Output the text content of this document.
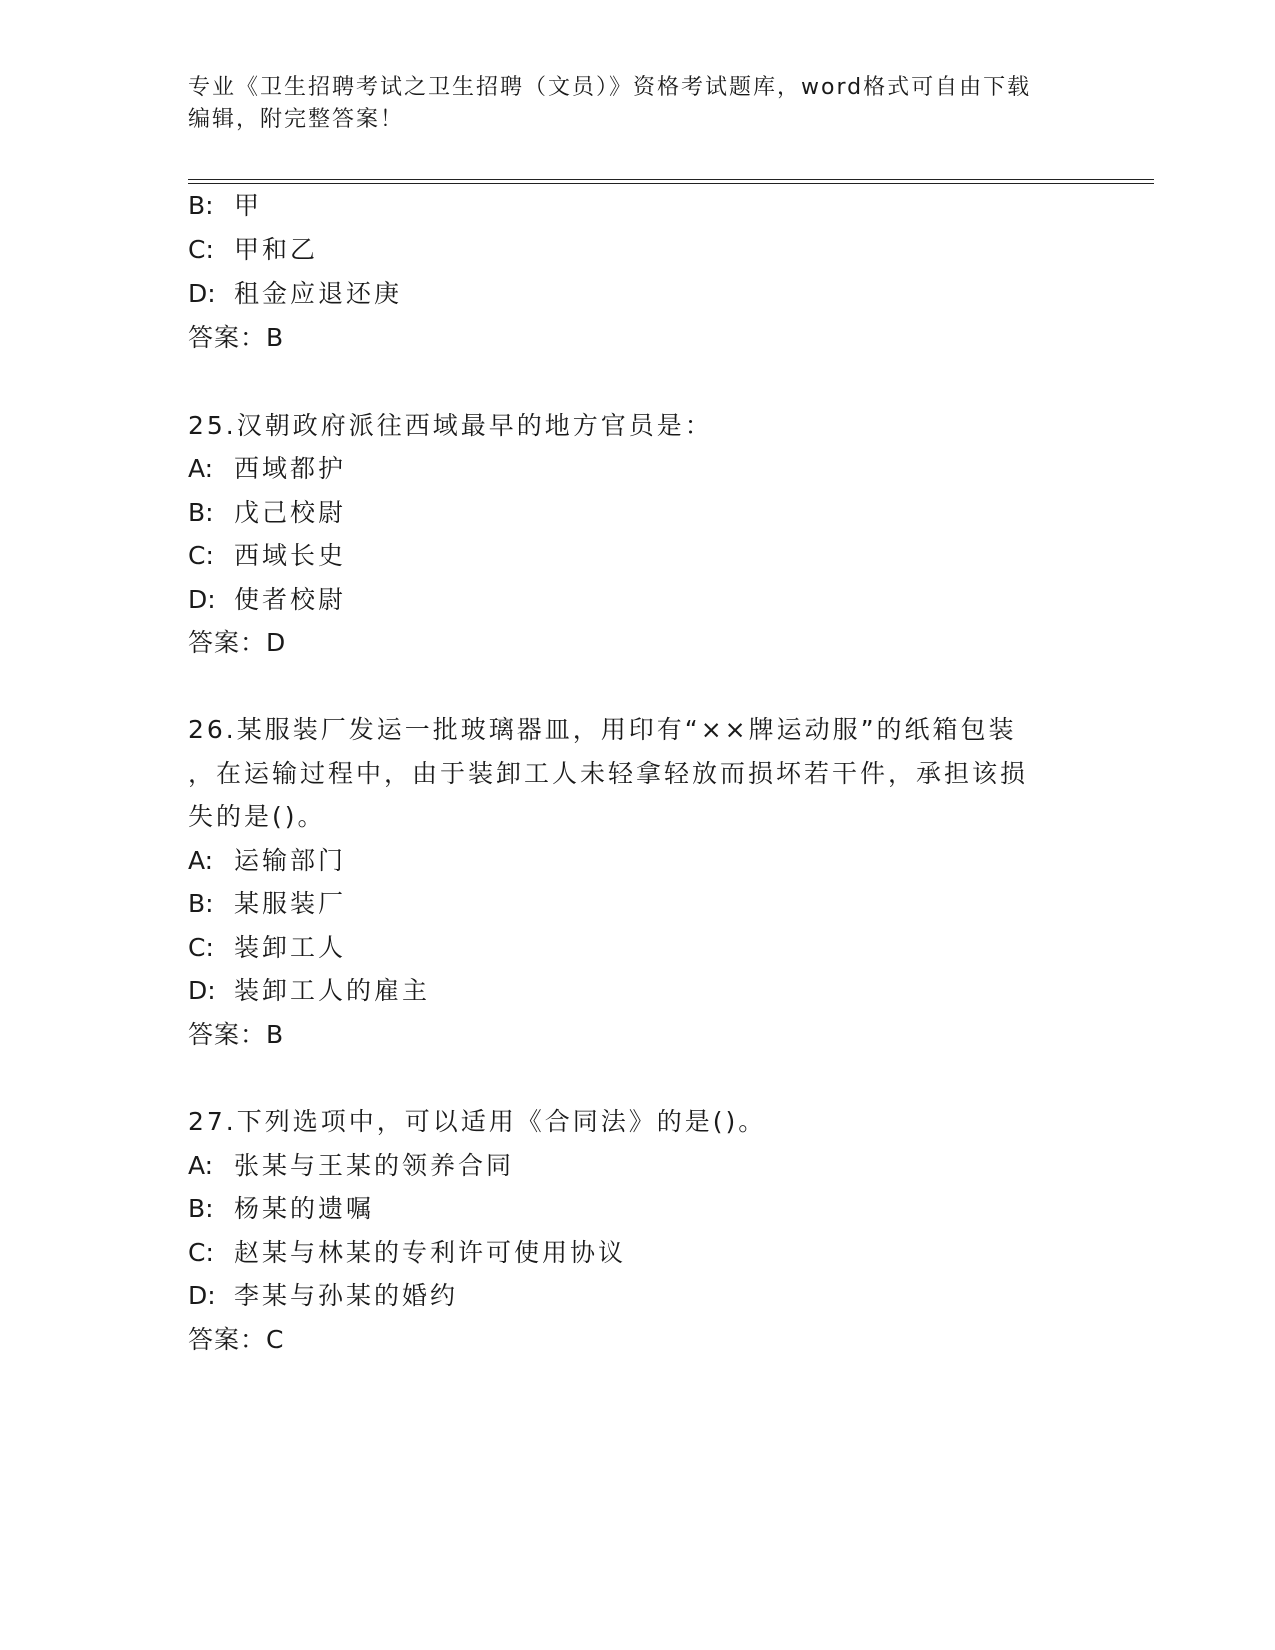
专业《卫生招聘考试之卫生招聘（文员）》资格考试题库，word格式可自由下载
编辑，附完整答案！
B: 甲
C: 甲和乙
D: 租金应退还庚
答案：B
25.汉朝政府派往西域最早的地方官员是：
A: 西域都护
B: 戊己校尉
C: 西域长史
D: 使者校尉
答案：D
26.某服装厂发运一批玻璃器皿，用印有“××牌运动服”的纸箱包装
，在运输过程中，由于装卸工人未轻拿轻放而损坏若干件，承担该损
失的是()。
A: 运输部门
B: 某服装厂
C: 装卸工人
D: 装卸工人的雇主
答案：B
27.下列选项中，可以适用《合同法》的是()。
A: 张某与王某的领养合同
B: 杨某的遗嘱
C: 赵某与林某的专利许可使用协议
D: 李某与孙某的婚约
答案：C
